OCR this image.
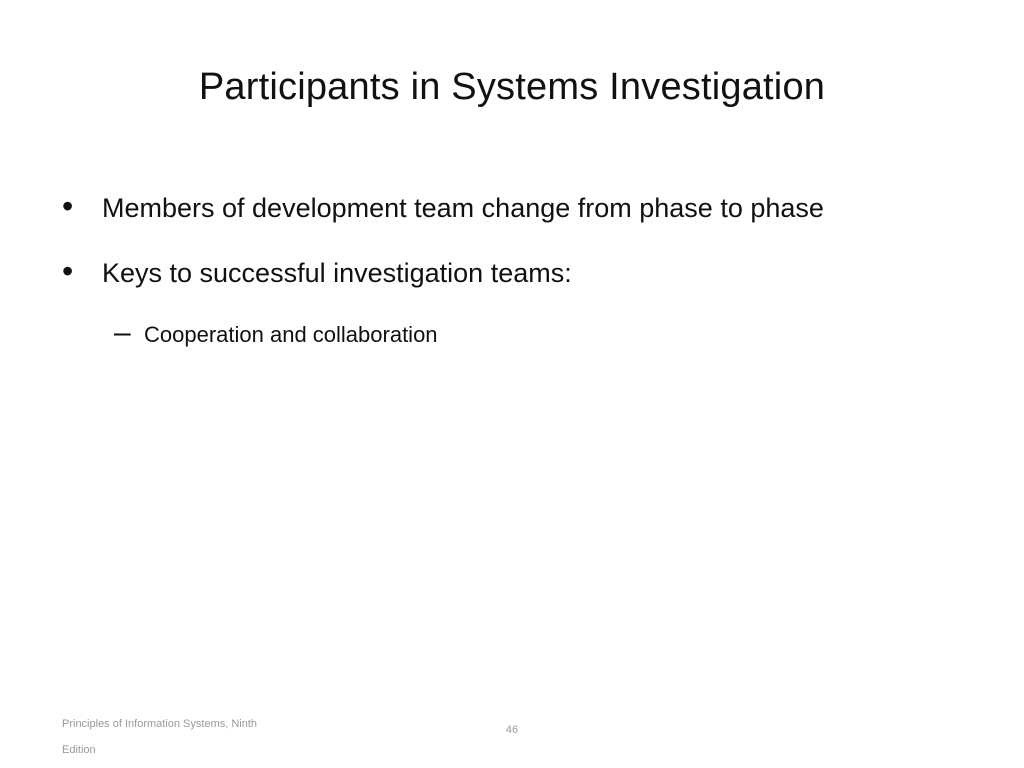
Participants in Systems Investigation
•	Members of development team change from phase to phase
•	Keys to successful investigation teams:
– Cooperation and collaboration
Principles of Information Systems, Ninth
Edition
46
